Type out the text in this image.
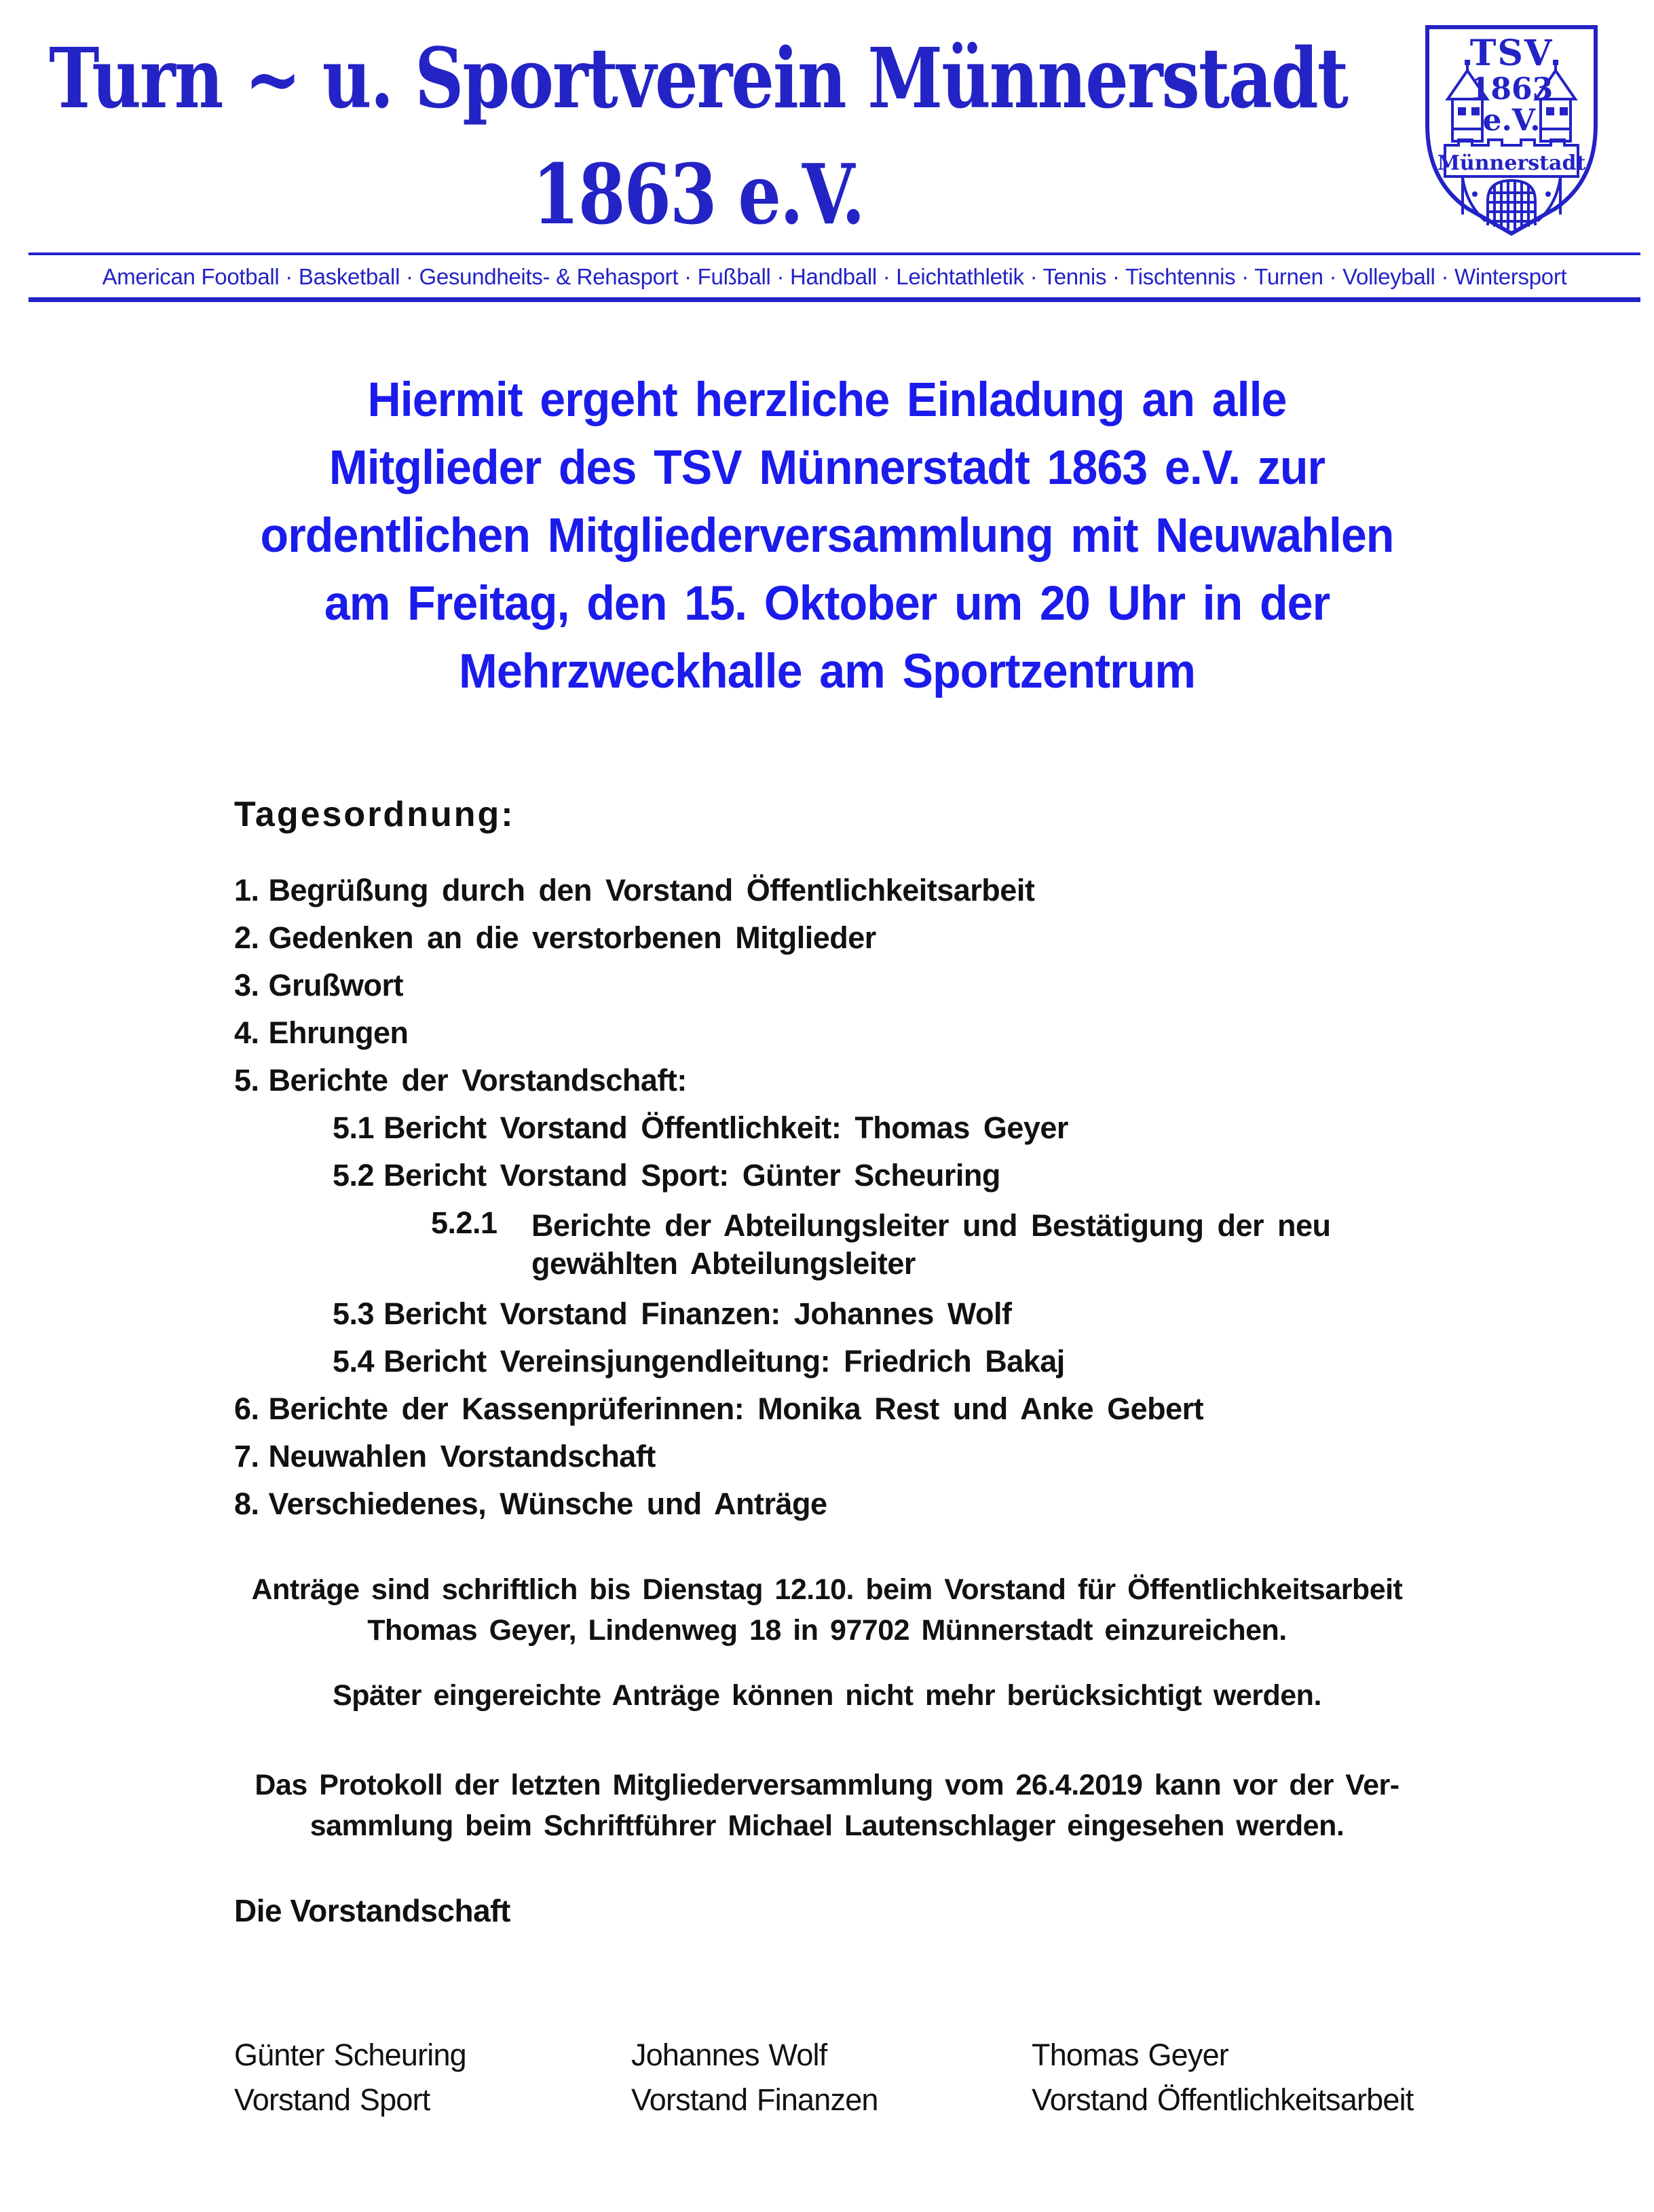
Turn ~ u. Sportverein Münnerstadt
1863 e.V.
TSV
1863
e.V.
Münnerstadt
American Football · Basketball · Gesundheits- & Rehasport · Fußball · Handball · Leichtathletik · Tennis · Tischtennis · Turnen · Volleyball · Wintersport
Hiermit ergeht herzliche Einladung an alle
Mitglieder des TSV Münnerstadt 1863 e.V. zur
ordentlichen Mitgliederversammlung mit Neuwahlen
am Freitag, den 15. Oktober um 20 Uhr in der
Mehrzweckhalle am Sportzentrum
Tagesordnung:
1. Begrüßung durch den Vorstand Öffentlichkeitsarbeit
2. Gedenken an die verstorbenen Mitglieder
3. Grußwort
4. Ehrungen
5. Berichte der Vorstandschaft:
5.1 Bericht Vorstand Öffentlichkeit: Thomas Geyer
5.2 Bericht Vorstand Sport: Günter Scheuring
5.2.1	Berichte der Abteilungsleiter und Bestätigung der neu
gewählten Abteilungsleiter
5.3 Bericht Vorstand Finanzen: Johannes Wolf
5.4 Bericht Vereinsjungendleitung: Friedrich Bakaj
6. Berichte der Kassenprüferinnen: Monika Rest und Anke Gebert
7. Neuwahlen Vorstandschaft
8. Verschiedenes, Wünsche und Anträge
Anträge sind schriftlich bis Dienstag 12.10. beim Vorstand für Öffentlichkeitsarbeit
Thomas Geyer, Lindenweg 18 in 97702 Münnerstadt einzureichen.
Später eingereichte Anträge können nicht mehr berücksichtigt werden.
Das Protokoll der letzten Mitgliederversammlung vom 26.4.2019 kann vor der Ver-
sammlung beim Schriftführer Michael Lautenschlager eingesehen werden.
Die Vorstandschaft
Günter Scheuring
Vorstand Sport
Johannes Wolf
Vorstand Finanzen
Thomas Geyer
Vorstand Öffentlichkeitsarbeit
